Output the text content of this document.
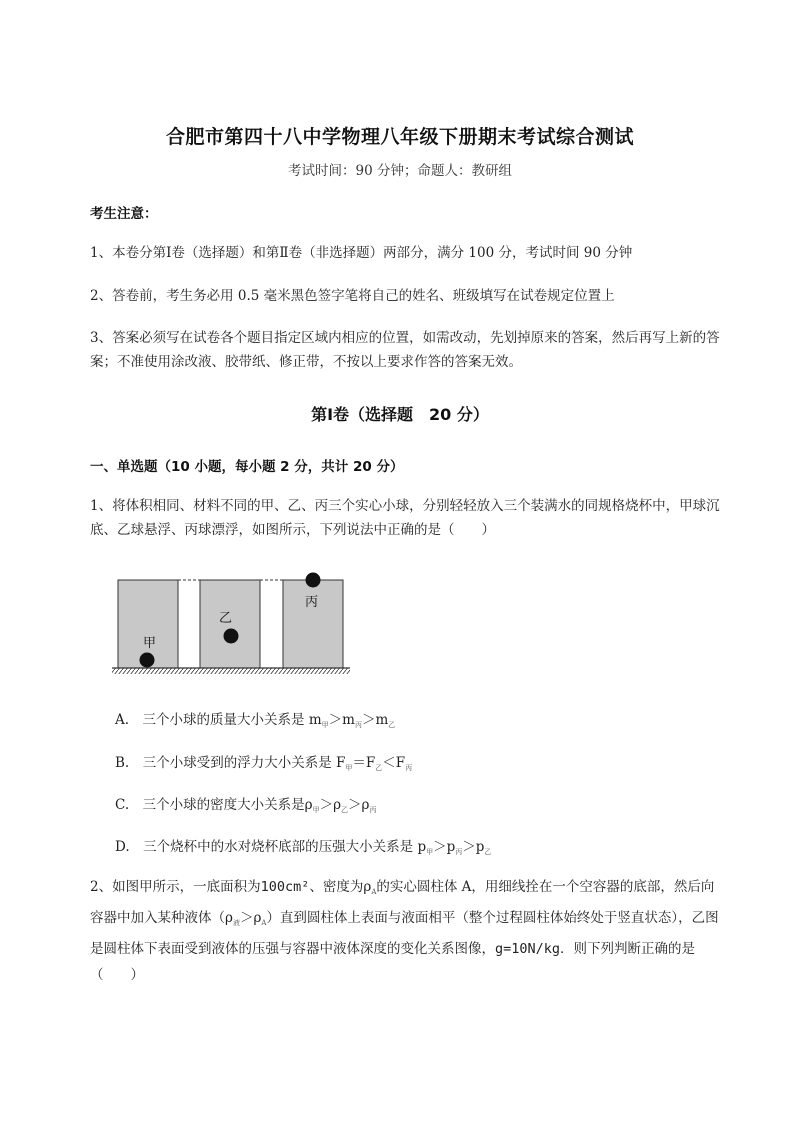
合肥市第四十八中学物理八年级下册期末考试综合测试
考试时间：90 分钟；命题人：教研组
考生注意：
1、本卷分第Ⅰ卷（选择题）和第Ⅱ卷（非选择题）两部分，满分 100 分，考试时间 90 分钟
2、答卷前，考生务必用 0.5 毫米黑色签字笔将自己的姓名、班级填写在试卷规定位置上
3、答案必须写在试卷各个题目指定区域内相应的位置，如需改动，先划掉原来的答案，然后再写上新的答案；不准使用涂改液、胶带纸、修正带，不按以上要求作答的答案无效。
第Ⅰ卷（选择题　20 分）
一、单选题（10 小题，每小题 2 分，共计 20 分）
1、将体积相同、材料不同的甲、乙、丙三个实心小球，分别轻轻放入三个装满水的同规格烧杯中，甲球沉底、乙球悬浮、丙球漂浮，如图所示，下列说法中正确的是（　　）
甲
乙
丙
A.　三个小球的质量大小关系是 $m_甲>m_丙>m_乙$
B.　三个小球受到的浮力大小关系是 $F_甲=F_乙<F_丙$
C.　三个小球的密度大小关系是$\rho_甲>\rho_乙>\rho_丙$
D.　三个烧杯中的水对烧杯底部的压强大小关系是 $p_甲>p_丙>p_乙$
2、如图甲所示，一底面积为100cm²、密度为$\rho_A$的实心圆柱体 A，用细线拴在一个空容器的底部，然后向容器中加入某种液体$(\rho_液>\rho_A)$直到圆柱体上表面与液面相平（整个过程圆柱体始终处于竖直状态），乙图是圆柱体下表面受到液体的压强与容器中液体深度的变化关系图像，g=10N/kg．则下列判断正确的是（　　）
